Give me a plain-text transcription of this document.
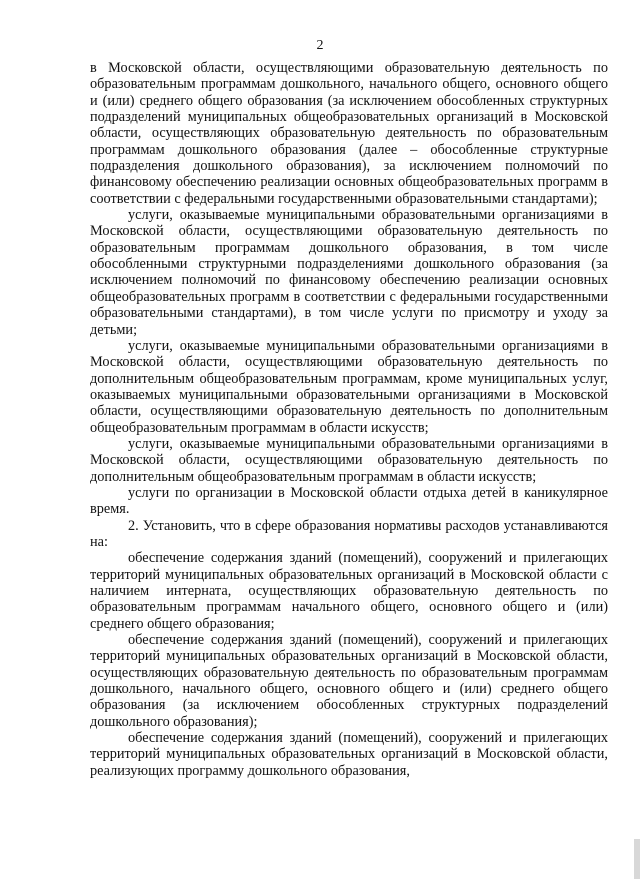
2

в Московской области, осуществляющими образовательную деятельность по образовательным программам дошкольного, начального общего, основного общего и (или) среднего общего образования (за исключением обособленных структурных подразделений муниципальных общеобразовательных организаций в Московской области, осуществляющих образовательную деятельность по образовательным программам дошкольного образования (далее – обособленные структурные подразделения дошкольного образования), за исключением полномочий по финансовому обеспечению реализации основных общеобразовательных программ в соответствии с федеральными государственными образовательными стандартами);

услуги, оказываемые муниципальными образовательными организациями в Московской области, осуществляющими образовательную деятельность по образовательным программам дошкольного образования, в том числе обособленными структурными подразделениями дошкольного образования (за исключением полномочий по финансовому обеспечению реализации основных общеобразовательных программ в соответствии с федеральными государственными образовательными стандартами), в том числе услуги по присмотру и уходу за детьми;

услуги, оказываемые муниципальными образовательными организациями в Московской области, осуществляющими образовательную деятельность по дополнительным общеобразовательным программам, кроме муниципальных услуг, оказываемых муниципальными образовательными организациями в Московской области, осуществляющими образовательную деятельность по дополнительным общеобразовательным программам в области искусств;

услуги, оказываемые муниципальными образовательными организациями в Московской области, осуществляющими образовательную деятельность по дополнительным общеобразовательным программам в области искусств;

услуги по организации в Московской области отдыха детей в каникулярное время.

2. Установить, что в сфере образования нормативы расходов устанавливаются на:

обеспечение содержания зданий (помещений), сооружений и прилегающих территорий муниципальных образовательных организаций в Московской области с наличием интерната, осуществляющих образовательную деятельность по образовательным программам начального общего, основного общего и (или) среднего общего образования;

обеспечение содержания зданий (помещений), сооружений и прилегающих территорий муниципальных образовательных организаций в Московской области, осуществляющих образовательную деятельность по образовательным программам дошкольного, начального общего, основного общего и (или) среднего общего образования (за исключением обособленных структурных подразделений дошкольного образования);

обеспечение содержания зданий (помещений), сооружений и прилегающих территорий муниципальных образовательных организаций в Московской области, реализующих программу дошкольного образования,
